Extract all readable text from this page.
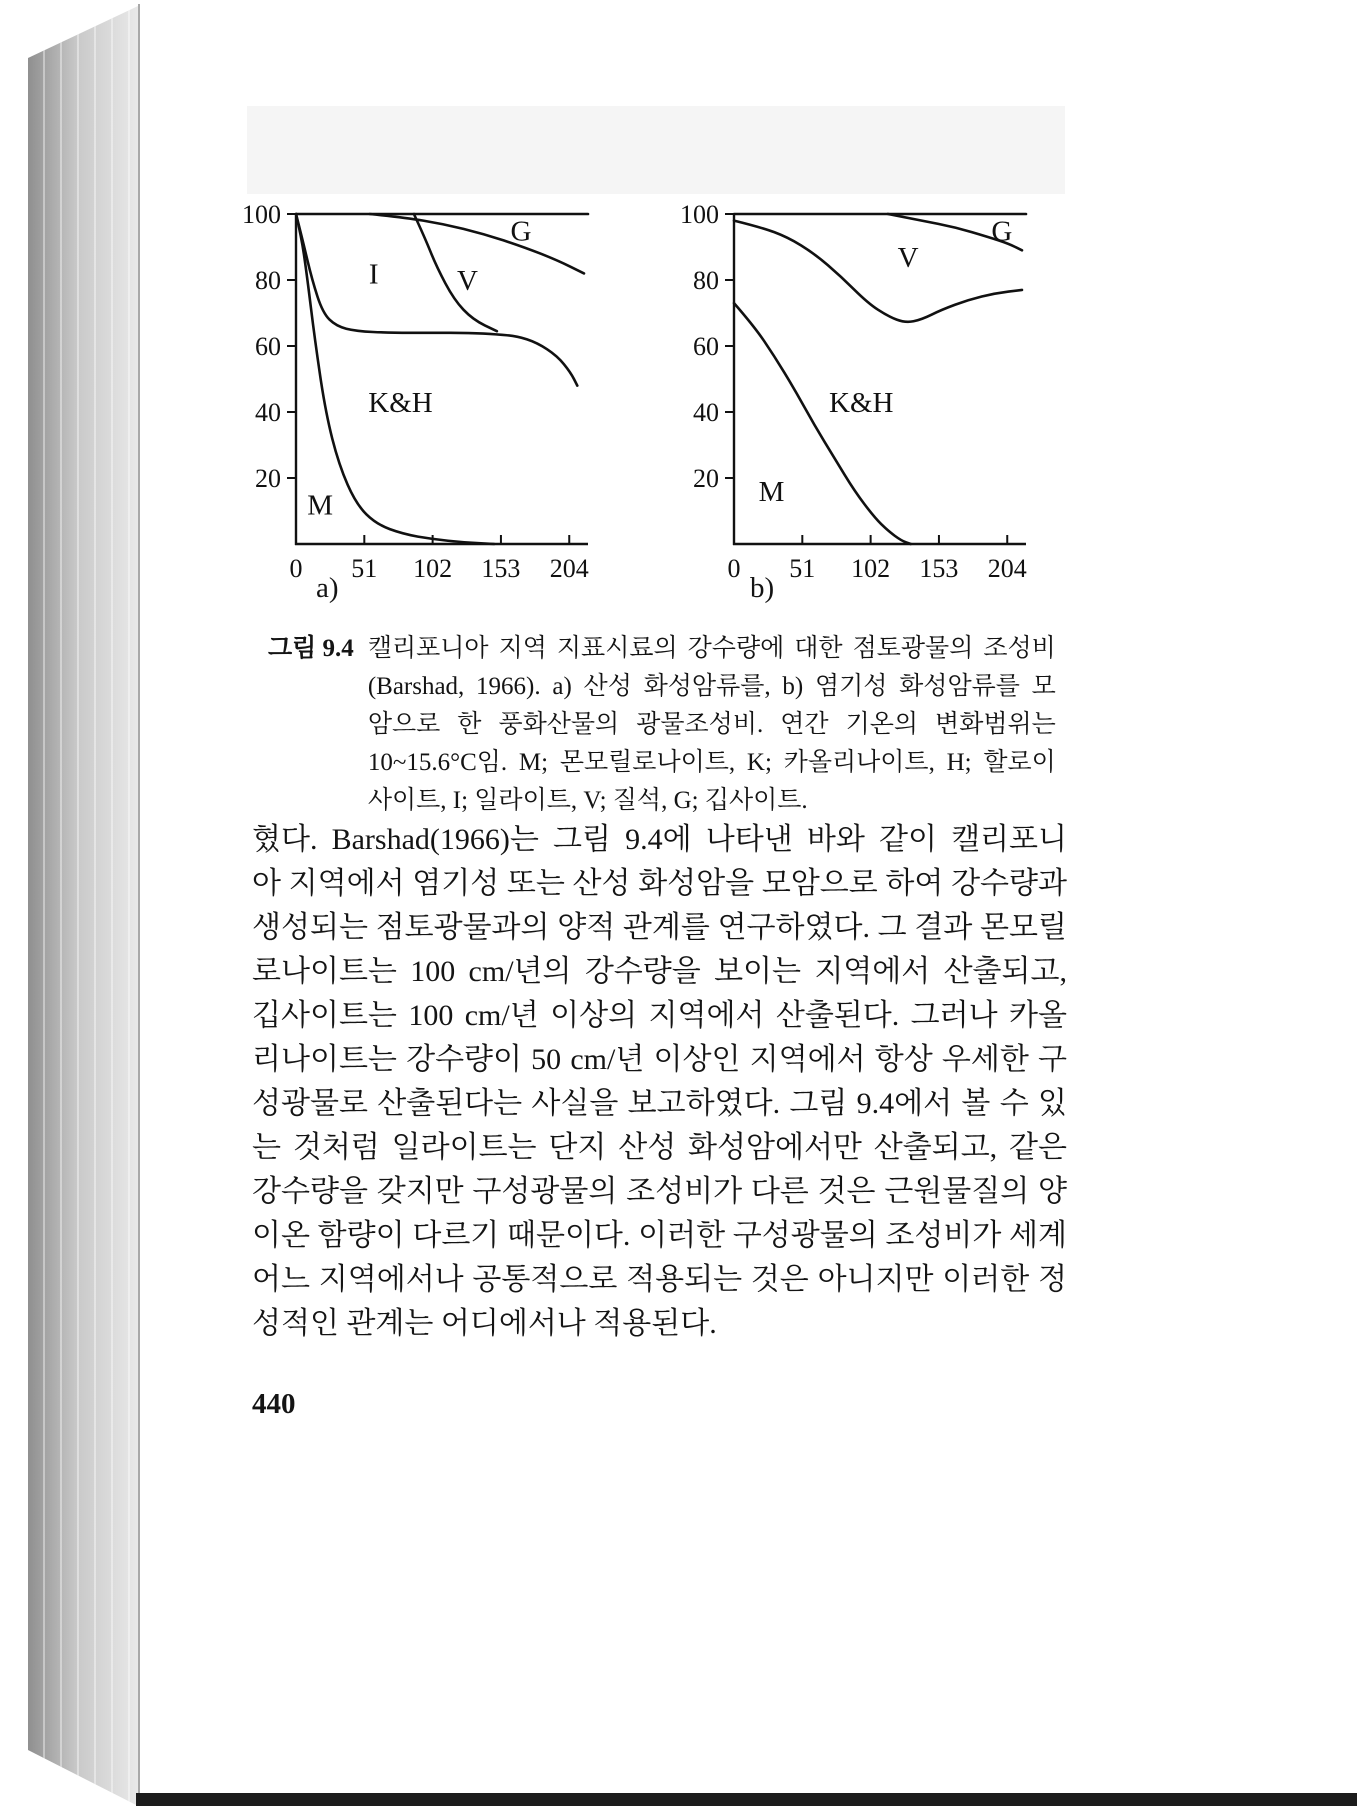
20
40
60
80
100
0 51 102 153 204
G
I	V
K&H
M
20
40
60
80
100
0 51 102 153 204
G
V
K&H
M
a)	b)
그림 9.4 캘리포니아 지역 지표시료의 강수량에 대한 점토광물의 조성비
(Barshad, 1966). a) 산성 화성암류를, b) 염기성 화성암류를 모
암으로 한 풍화산물의 광물조성비. 연간 기온의 변화범위는
10~15.6°C임. M; 몬모릴로나이트, K; 카올리나이트, H; 할로이
사이트, I; 일라이트, V; 질석, G; 깁사이트.
혔다. Barshad(1966)는 그림 9.4에 나타낸 바와 같이 캘리포니
아 지역에서 염기성 또는 산성 화성암을 모암으로 하여 강수량과
생성되는 점토광물과의 양적 관계를 연구하였다. 그 결과 몬모릴
로나이트는 100 cm/년의 강수량을 보이는 지역에서 산출되고,
깁사이트는 100 cm/년 이상의 지역에서 산출된다. 그러나 카올
리나이트는 강수량이 50 cm/년 이상인 지역에서 항상 우세한 구
성광물로 산출된다는 사실을 보고하였다. 그림 9.4에서 볼 수 있
는 것처럼 일라이트는 단지 산성 화성암에서만 산출되고, 같은
강수량을 갖지만 구성광물의 조성비가 다른 것은 근원물질의 양
이온 함량이 다르기 때문이다. 이러한 구성광물의 조성비가 세계
어느 지역에서나 공통적으로 적용되는 것은 아니지만 이러한 정
성적인 관계는 어디에서나 적용된다.
440
